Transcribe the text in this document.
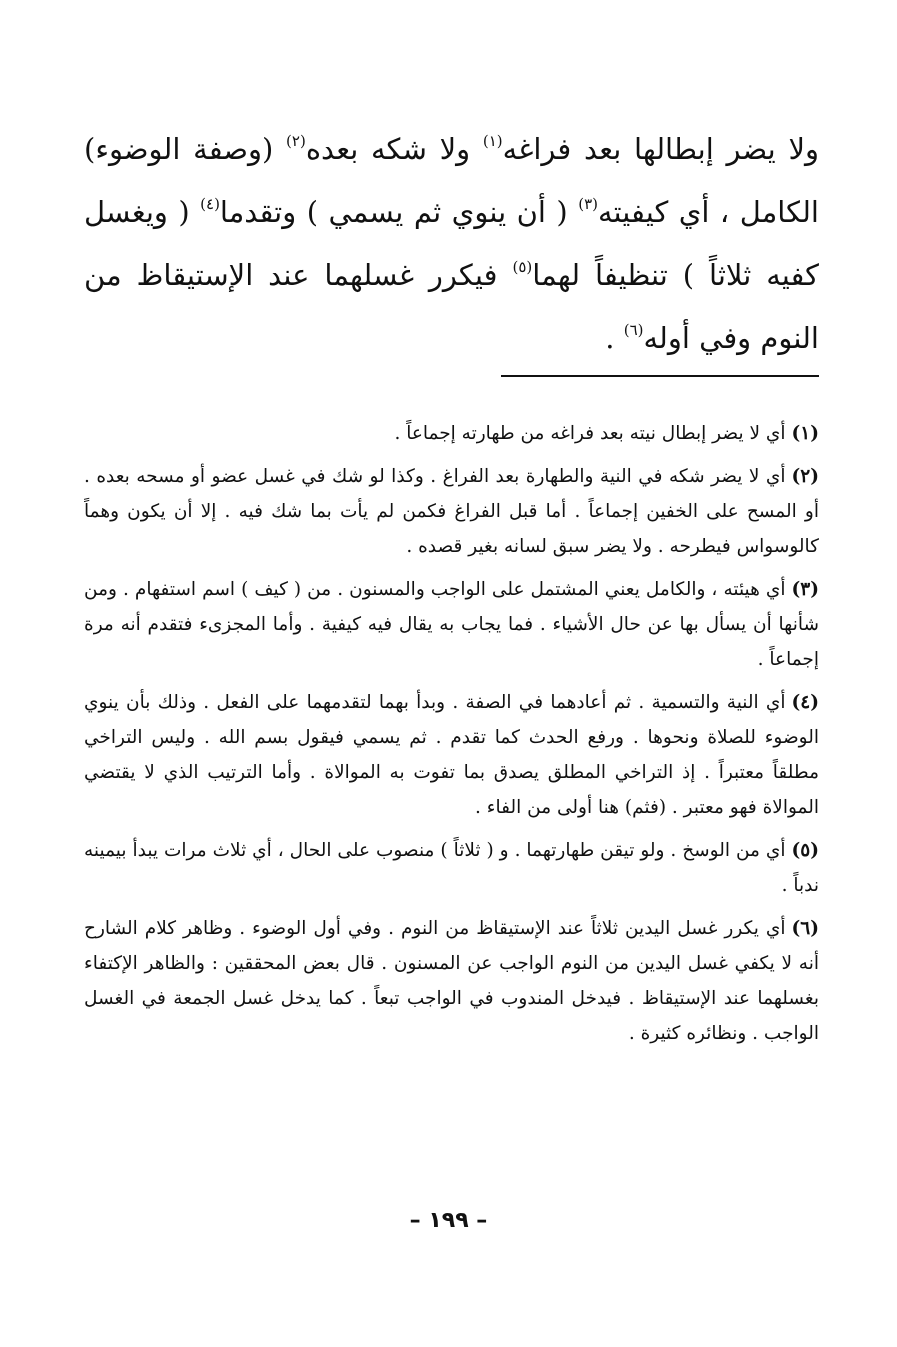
ولا يضر إبطالها بعد فراغه$^{(١)}$ ولا شكه بعده$^{(٢)}$ (وصفة الوضوء) الكامل ، أي كيفيته$^{(٣)}$ ( أن ينوي ثم يسمي ) وتقدما$^{(٤)}$ ( ويغسل كفيه ثلاثاً ) تنظيفاً لهما$^{(٥)}$ فيكرر غسلهما عند الإستيقاظ من النوم وفي أوله$^{(٦)}$ .

(١)أي لا يضر إبطال نيته بعد فراغه من طهارته إجماعاً .

(٢)أي لا يضر شكه في النية والطهارة بعد الفراغ . وكذا لو شك في غسل عضو أو مسحه بعده . أو المسح على الخفين إجماعاً . أما قبل الفراغ فكمن لم يأت بما شك فيه . إلا أن يكون وهماً كالوسواس فيطرحه . ولا يضر سبق لسانه بغير قصده .

(٣)أي هيئته ، والكامل يعني المشتمل على الواجب والمسنون . من ( كيف ) اسم استفهام . ومن شأنها أن يسأل بها عن حال الأشياء . فما يجاب به يقال فيه كيفية . وأما المجزىء فتقدم أنه مرة إجماعاً .

(٤)أي النية والتسمية . ثم أعادهما في الصفة . وبدأ بهما لتقدمهما على الفعل . وذلك بأن ينوي الوضوء للصلاة ونحوها . ورفع الحدث كما تقدم . ثم يسمي فيقول بسم الله . وليس التراخي مطلقاً معتبراً . إذ التراخي المطلق يصدق بما تفوت به الموالاة . وأما الترتيب الذي لا يقتضي الموالاة فهو معتبر . (فثم) هنا أولى من الفاء .

(٥)أي من الوسخ . ولو تيقن طهارتهما . و ( ثلاثاً ) منصوب على الحال ، أي ثلاث مرات يبدأ بيمينه ندباً .

(٦)أي يكرر غسل اليدين ثلاثاً عند الإستيقاظ من النوم . وفي أول الوضوء . وظاهر كلام الشارح أنه لا يكفي غسل اليدين من النوم الواجب عن المسنون . قال بعض المحققين : والظاهر الإكتفاء بغسلهما عند الإستيقاظ . فيدخل المندوب في الواجب تبعاً . كما يدخل غسل الجمعة في الغسل الواجب . ونظائره كثيرة .

– ١٩٩ –
